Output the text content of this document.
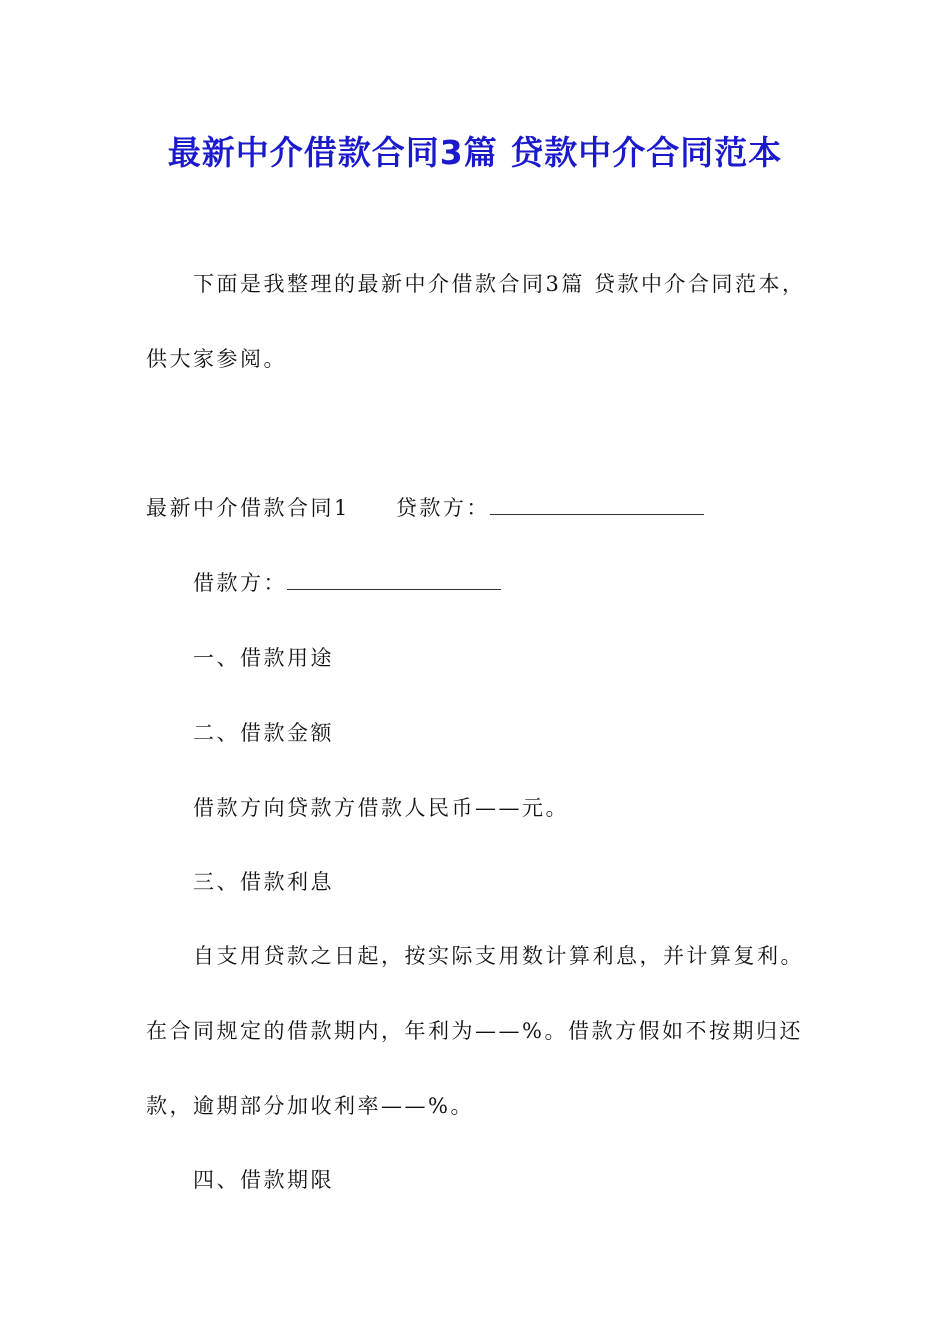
最新中介借款合同3篇 贷款中介合同范本
下面是我整理的最新中介借款合同3篇 贷款中介合同范本，
供大家参阅。
最新中介借款合同1 贷款方：
借款方：
一、借款用途
二、借款金额
借款方向贷款方借款人民币——元。
三、借款利息
自支用贷款之日起，按实际支用数计算利息，并计算复利。
在合同规定的借款期内，年利为——%。借款方假如不按期归还
款，逾期部分加收利率——%。
四、借款期限
